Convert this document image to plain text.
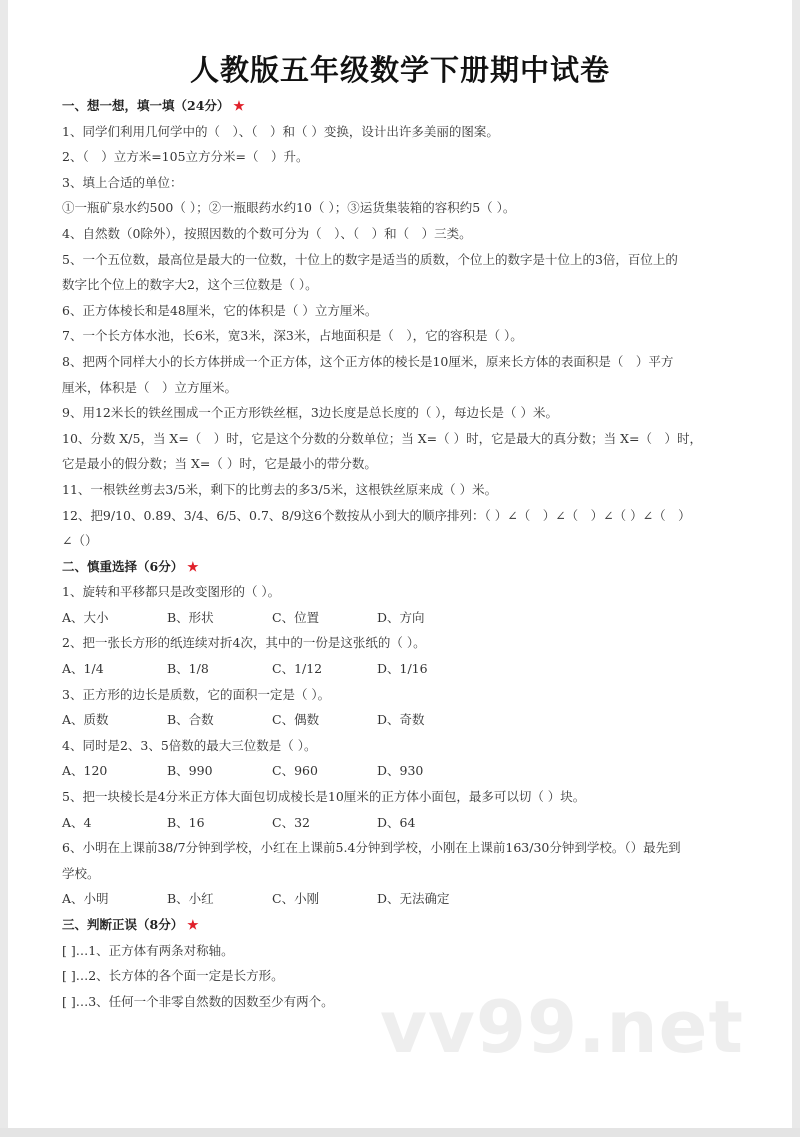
人教版五年级数学下册期中试卷
一、想一想，填一填（24分） ★
1、同学们利用几何学中的（　）、（　）和（ ）变换，设计出许多美丽的图案。
2、（　）立方米=105立方分米=（　）升。
3、填上合适的单位：
①一瓶矿泉水约500（ ）；②一瓶眼药水约10（ ）；③运货集装箱的容积约5（ ）。
4、自然数（0除外），按照因数的个数可分为（　）、（　）和（　）三类。
5、一个五位数，最高位是最大的一位数，十位上的数字是适当的质数，个位上的数字是十位上的3倍，百位上的
数字比个位上的数字大2，这个三位数是（ ）。
6、正方体棱长和是48厘米，它的体积是（ ）立方厘米。
7、一个长方体水池，长6米，宽3米，深3米，占地面积是（　），它的容积是（ ）。
8、把两个同样大小的长方体拼成一个正方体，这个正方体的棱长是10厘米，原来长方体的表面积是（　）平方
厘米，体积是（　）立方厘米。
9、用12米长的铁丝围成一个正方形铁丝框，3边长度是总长度的（ ），每边长是（ ）米。
10、分数 X/5，当 X=（　）时，它是这个分数的分数单位；当 X=（ ）时，它是最大的真分数；当 X=（　）时，
它是最小的假分数；当 X=（ ）时，它是最小的带分数。
11、一根铁丝剪去3/5米，剩下的比剪去的多3/5米，这根铁丝原来成（ ）米。
12、把9/10、0.89、3/4、6/5、0.7、8/9这6个数按从小到大的顺序排列：（ ）∠（　）∠（　）∠（ ）∠（　）
∠（）
二、慎重选择（6分） ★
1、旋转和平移都只是改变图形的（ ）。
A、大小	B、形状	C、位置	D、方向
2、把一张长方形的纸连续对折4次，其中的一份是这张纸的（ ）。
A、1/4	B、1/8	C、1/12	D、1/16
3、正方形的边长是质数，它的面积一定是（ ）。
A、质数	B、合数	C、偶数	D、奇数
4、同时是2、3、5倍数的最大三位数是（ ）。
A、120	B、990	C、960	D、930
5、把一块棱长是4分米正方体大面包切成棱长是10厘米的正方体小面包，最多可以切（ ）块。
A、4	B、16	C、32	D、64
6、小明在上课前38/7分钟到学校，小红在上课前5.4分钟到学校，小刚在上课前163/30分钟到学校。（）最先到
学校。
A、小明	B、小红	C、小刚	D、无法确定
三、判断正误（8分） ★
[ ]…1、正方体有两条对称轴。
[ ]…2、长方体的各个面一定是长方形。
[ ]…3、任何一个非零自然数的因数至少有两个。 vv99.net
